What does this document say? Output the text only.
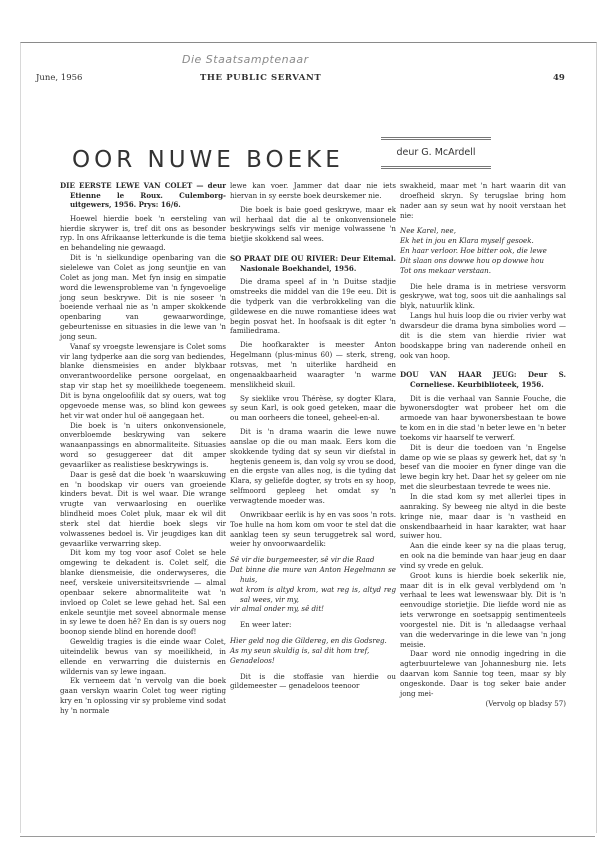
Die Staatsamptenaar
June, 1956	THE PUBLIC SERVANT	49
OOR NUWE BOEKE	deur G. McArdell
DIE EERSTE LEWE VAN COLET — deur Etienne le Roux. Culemborg-uitgewers, 1956. Prys: 16/6.

Hoewel hierdie boek 'n eersteling van hierdie skrywer is, tref dit ons as besonder ryp. In ons Afrikaanse letterkunde is die tema en behandeling nie gewaagd.

Dit is 'n sielkundige openbaring van die sielelewe van Colet as jong seuntjie en van Colet as jong man. Met fyn insig en simpatie word die lewensprobleme van 'n fyngevoelige jong seun beskrywe. Dit is nie soseer 'n boeiende verhaal nie as 'n amper skokkende openbaring van gewaarwordinge, gebeurtenisse en situasies in die lewe van 'n jong seun.

Vanaf sy vroegste lewensjare is Colet soms vir lang tydperke aan die sorg van bediendes, blanke diensmeisies en ander blykbaar onverantwoordelike persone oorgelaat, en stap vir stap het sy moeilikhede toegeneem. Dit is byna ongeloofilik dat sy ouers, wat tog opgevoede mense was, so blind kon gewees het vir wat onder hul oë aangegaan het.

Die boek is 'n uiters onkonvensionele, onverbloemde beskrywing van sekere wanaanpassings en abnormaliteite. Situasies word so gesuggereer dat dit amper gevaarliker as realistiese beskrywings is.

Daar is gesê dat die boek 'n waarskuwing en 'n boodskap vir ouers van groeiende kinders bevat. Dit is wel waar. Die wrange vrugte van verwaarlosing en ouerlike blindheid moes Colet pluk, maar ek wil dit sterk stel dat hierdie boek slegs vir volwassenes bedoel is. Vir jeugdiges kan dit gevaarlike verwarring skep.

Dit kom my tog voor asof Colet se hele omgewing te dekadent is. Colet self, die blanke diensmeisie, die onderwyseres, die neef, verskeie universiteitsvriende — almal openbaar sekere abnormaliteite wat 'n invloed op Colet se lewe gehad het. Sal een enkele seuntjie met soveel abnormale mense in sy lewe te doen hê? En dan is sy ouers nog boonop siende blind en horende doof!

Geweldig tragies is die einde waar Colet, uiteindelik bewus van sy moeilikheid, in ellende en verwarring die duisternis en wildernis van sy lewe ingaan.

Ek verneem dat 'n vervolg van die boek gaan verskyn waarin Colet tog weer rigting kry en 'n oplossing vir sy probleme vind sodat hy 'n normale

lewe kan voer. Jammer dat daar nie iets hiervan in sy eerste boek deurskemer nie.

Die boek is baie goed geskrywe, maar ek wil herhaal dat die al te onkonvensionele beskrywings selfs vir menige volwassene 'n bietjie skokkend sal wees.

SO PRAAT DIE OU RIVIER: Deur Eitemal. Nasionale Boekhandel, 1956.

Die drama speel af in 'n Duitse stadjie omstreeks die middel van die 19e eeu. Dit is die tydperk van die verbrokkeling van die gildewese en die nuwe romantiese idees wat begin posvat het. In hoofsaak is dit egter 'n familiedrama.

Die hoofkarakter is meester Anton Hegelmann (plus-minus 60) — sterk, streng, rotsvas, met 'n uiterlike hardheid en ongenaakbaarheid waaragter 'n warme menslikheid skuil.

Sy sieklike vrou Thérèse, sy dogter Klara, sy seun Karl, is ook goed geteken, maar die ou man oorheers die toneel, geheel-en-al.

Dit is 'n drama waarin die lewe nuwe aanslae op die ou man maak. Eers kom die skokkende tyding dat sy seun vir diefstal in hegtenis geneem is, dan volg sy vrou se dood, en die ergste van alles nog, is die tyding dat Klara, sy geliefde dogter, sy trots en sy hoop, selfmoord gepleeg het omdat sy 'n verwagtende moeder was.

Onwrikbaar eerlik is hy en vas soos 'n rots. Toe hulle na hom kom om voor te stel dat die aanklag teen sy seun teruggetrek sal word, weier hy onvoorwaardelik:

Sê vir die burgemeester, sê vir die Raad
Dat binne die mure van Anton Hegelmann se huis,
wat krom is altyd krom, wat reg is, altyd reg sal wees, vir my,
vir almal onder my, sê dit!

En weer later:

Hier geld nog die Gildereg, en dis Godsreg.
As my seun skuldig is, sal dit hom tref,
Genadeloos!

Dit is die stoffasie van hierdie ou gildemeester — genadeloos teenoor

swakheid, maar met 'n hart waarin dit van droefheid skryn. Sy terugslae bring hom nader aan sy seun wat hy nooit verstaan het nie:

Nee Karel, nee,
Ek het in jou en Klara myself gesoek.
En haar verloor. Hoe bitter ook, die lewe
Dit slaan ons dowwe hou op dowwe hou
Tot ons mekaar verstaan.

Die hele drama is in metriese versvorm geskrywe, wat tog, soos uit die aanhalings sal blyk, natuurlik klink.

Langs hul huis loop die ou rivier verby wat dwarsdeur die drama byna simbolies word — dit is die stem van hierdie rivier wat boodskappe bring van naderende onheil en ook van hoop.

DOU VAN HAAR JEUG: Deur S. Corneliese. Keurbiblioteek, 1956.

Dit is die verhaal van Sannie Fouche, die bywonersdogter wat probeer het om die armoede van haar bywonersbestaan te bowe te kom en in die stad 'n beter lewe en 'n beter toekoms vir haarself te verwerf.

Dit is deur die toedoen van 'n Engelse dame op wie se plaas sy gewerk het, dat sy 'n besef van die mooier en fyner dinge van die lewe begin kry het. Daar het sy geleer om nie met die sleurbestaan tevrede te wees nie.

In die stad kom sy met allerlei tipes in aanraking. Sy beweeg nie altyd in die beste kringe nie, maar daar is 'n vastheid en onskendbaarheid in haar karakter, wat haar suiwer hou.

Aan die einde keer sy na die plaas terug, en ook na die beminde van haar jeug en daar vind sy vrede en geluk.

Groot kuns is hierdie boek sekerlik nie, maar dit is in elk geval verblydend om 'n verhaal te lees wat lewenswaar bly. Dit is 'n eenvoudige storietjie. Die liefde word nie as iets verwronge en soetsappig sentimenteels voorgestel nie. Dit is 'n alledaagse verhaal van die wedervaringe in die lewe van 'n jong meisie.

Daar word nie onnodig ingedring in die agterbuurtelewe van Johannesburg nie. Iets daarvan kom Sannie tog teen, maar sy bly ongeskonde. Daar is tog seker baie ander jong mei-

(Vervolg op bladsy 57)
